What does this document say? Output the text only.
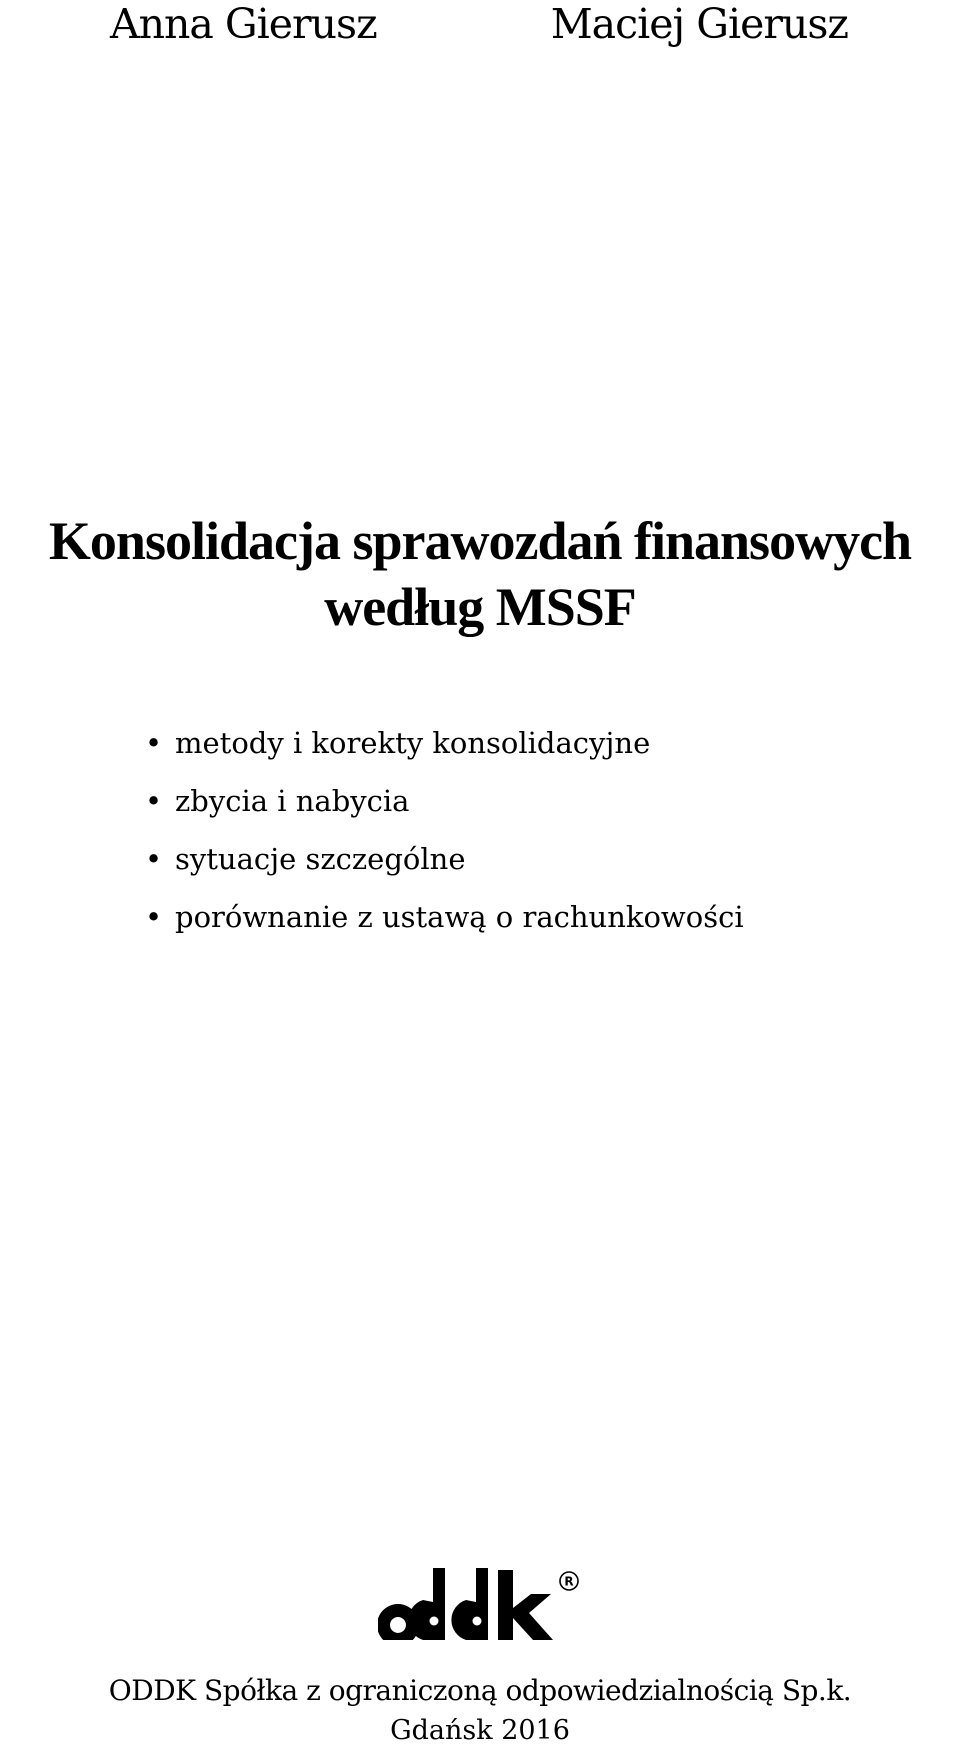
Anna Gierusz	Maciej Gierusz
Konsolidacja sprawozdań finansowych
według MSSF
• metody i korekty konsolidacyjne
• zbycia i nabycia
• sytuacje szczególne
• porównanie z ustawą o rachunkowości
R
ODDK Spółka z ograniczoną odpowiedzialnością Sp.k.
Gdańsk 2016
